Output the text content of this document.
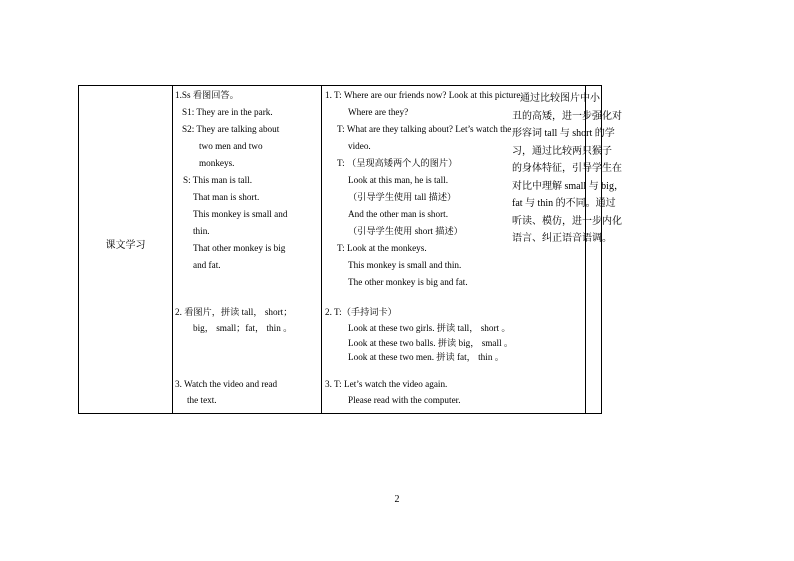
课文学习
1.Ss 看图回答。
S1: They are in the park.
S2: They are talking about
two men and two
monkeys.
S: This man is tall.
That man is short.
This monkey is small and
thin.
That other monkey is big
and fat.
2. 看图片，拼读 tall， short；
big， small；fat， thin 。
3. Watch the video and read
the text.
1. T: Where are our friends now? Look at this picture.
Where are they?
T: What are they talking about? Let’s watch the
video.
T: （呈现高矮两个人的图片）
Look at this man, he is tall.
（引导学生使用 tall 描述）
And the other man is short.
（引导学生使用 short 描述）
T: Look at the monkeys.
This monkey is small and thin.
The other monkey is big and fat.
2. T:（手持词卡）
Look at these two girls. 拼读 tall， short 。
Look at these two balls. 拼读 big， small 。
Look at these two men. 拼读 fat， thin 。
3. T: Let’s watch the video again.
Please read with the computer.
通过比较图片中小
丑的高矮，进一步强化对
形容词 tall 与 short 的学
习，通过比较两只猴子
的身体特征，引导学生在
对比中理解 small 与 big，
fat 与 thin 的不同。通过
听读、模仿，进一步内化
语言、纠正语音语调。
2
